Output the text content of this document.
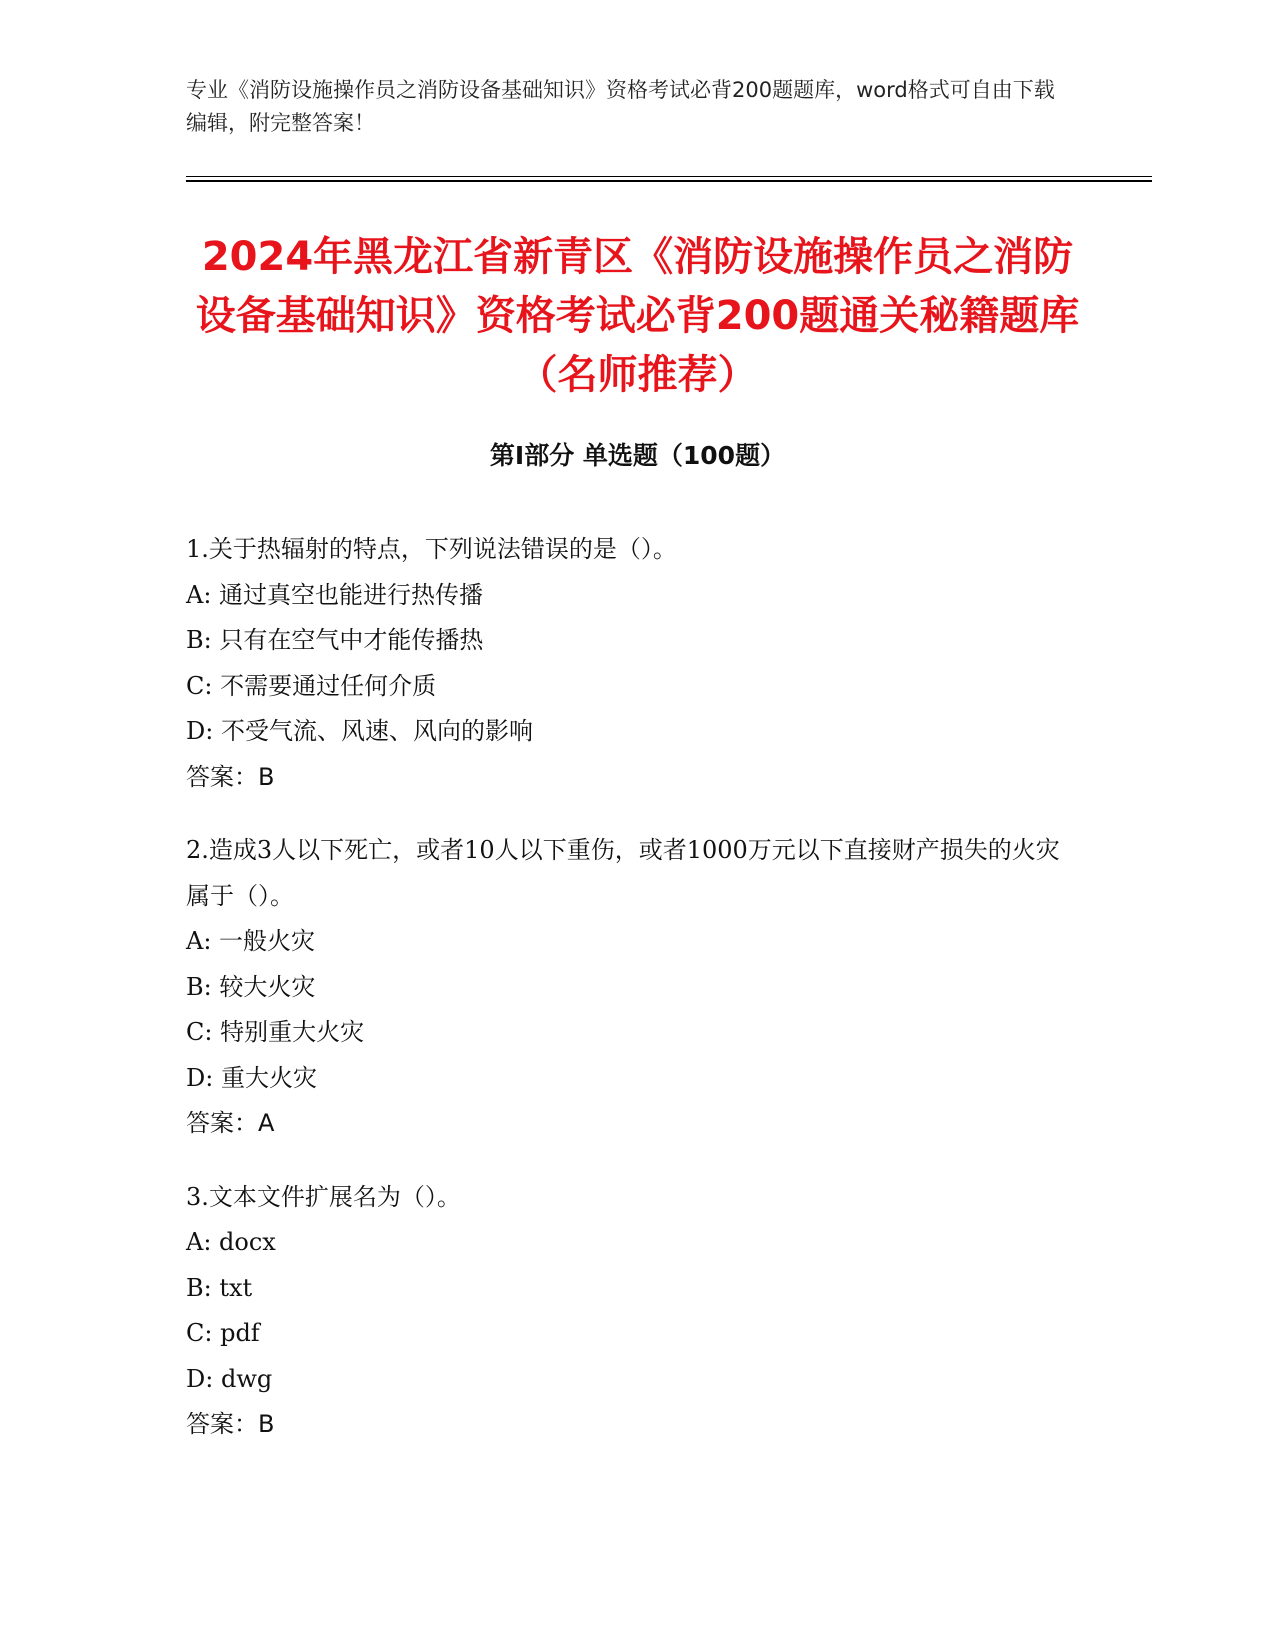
专业《消防设施操作员之消防设备基础知识》资格考试必背200题题库，word格式可自由下载编辑，附完整答案！

2024年黑龙江省新青区《消防设施操作员之消防设备基础知识》资格考试必背200题通关秘籍题库（名师推荐）
第I部分 单选题（100题）

1.关于热辐射的特点，下列说法错误的是（）。

A: 通过真空也能进行热传播

B: 只有在空气中才能传播热

C: 不需要通过任何介质

D: 不受气流、风速、风向的影响

答案：B

2.造成3人以下死亡，或者10人以下重伤，或者1000万元以下直接财产损失的火灾属于（）。

A: 一般火灾

B: 较大火灾

C: 特别重大火灾

D: 重大火灾

答案：A

3.文本文件扩展名为（）。

A: docx

B: txt

C: pdf

D: dwg

答案：B
